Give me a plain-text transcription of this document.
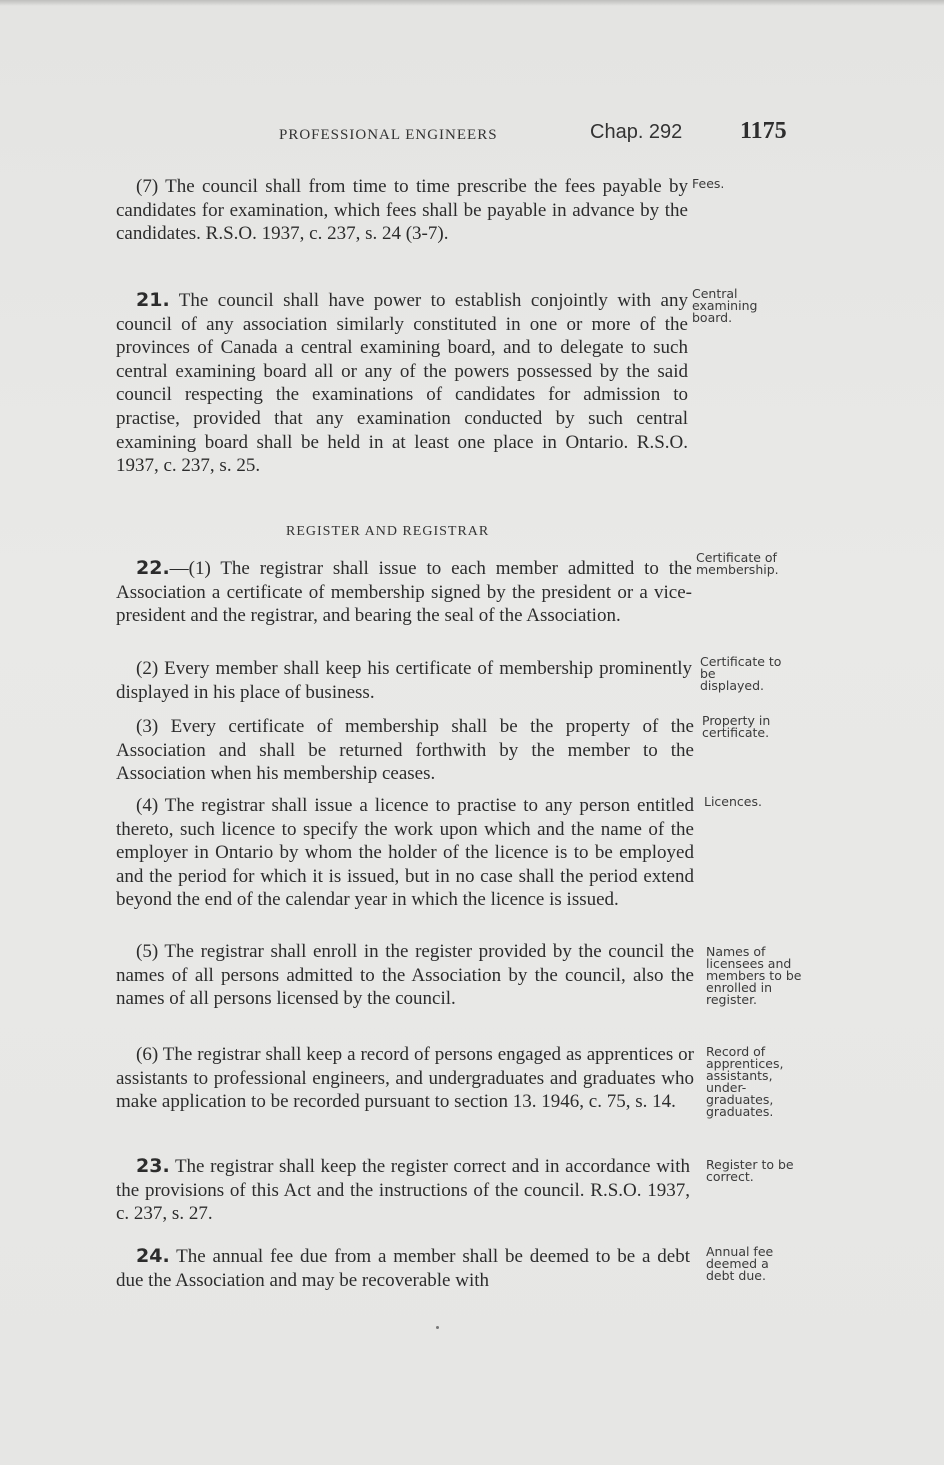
PROFESSIONAL ENGINEERS	Chap. 292 1175
(7) The council shall from time to time prescribe the fees payable by candidates for examination, which fees shall be payable in advance by the candidates. R.S.O. 1937, c. 237, s. 24 (3-7).
Fees.
21. The council shall have power to establish conjointly with any council of any association similarly constituted in one or more of the provinces of Canada a central examining board, and to delegate to such central examining board all or any of the powers possessed by the said council respecting the examinations of candidates for admission to practise, provided that any examination conducted by such central examining board shall be held in at least one place in Ontario. R.S.O. 1937, c. 237, s. 25.
Central examining board.
REGISTER AND REGISTRAR
22.—(1) The registrar shall issue to each member admitted to the Association a certificate of membership signed by the president or a vice-president and the registrar, and bearing the seal of the Association.
Certificate of membership.
(2) Every member shall keep his certificate of membership prominently displayed in his place of business.
Certificate to be displayed.
(3) Every certificate of membership shall be the property of the Association and shall be returned forthwith by the member to the Association when his membership ceases.
Property in certificate.
(4) The registrar shall issue a licence to practise to any person entitled thereto, such licence to specify the work upon which and the name of the employer in Ontario by whom the holder of the licence is to be employed and the period for which it is issued, but in no case shall the period extend beyond the end of the calendar year in which the licence is issued.
Licences.
(5) The registrar shall enroll in the register provided by the council the names of all persons admitted to the Association by the council, also the names of all persons licensed by the council.
Names of licensees and members to be enrolled in register.
(6) The registrar shall keep a record of persons engaged as apprentices or assistants to professional engineers, and undergraduates and graduates who make application to be recorded pursuant to section 13. 1946, c. 75, s. 14.
Record of apprentices, assistants, under-graduates, graduates.
23. The registrar shall keep the register correct and in accordance with the provisions of this Act and the instructions of the council. R.S.O. 1937, c. 237, s. 27.
Register to be correct.
24. The annual fee due from a member shall be deemed to be a debt due the Association and may be recoverable with
Annual fee deemed a debt due.
